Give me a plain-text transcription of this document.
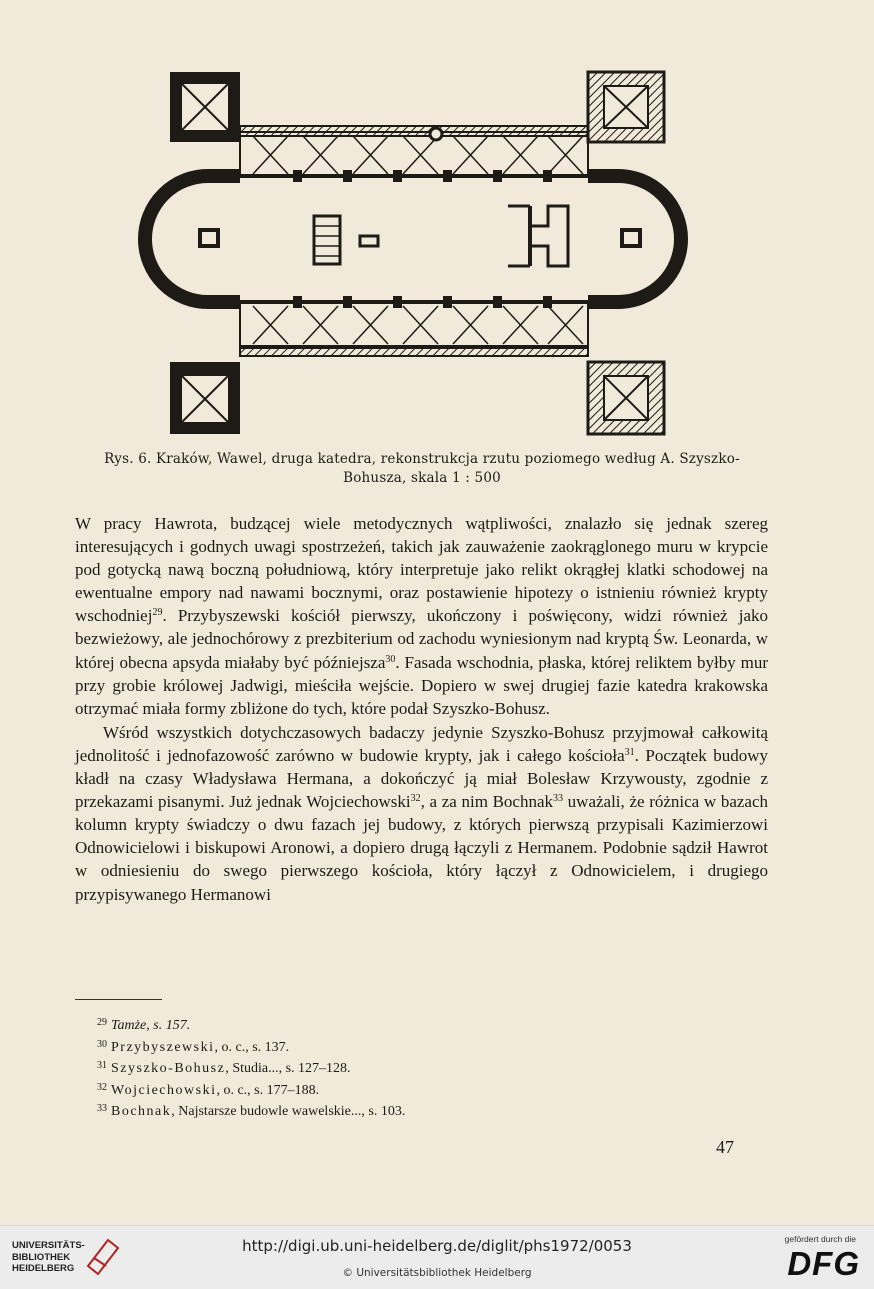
Rys. 6. Kraków, Wawel, druga katedra, rekonstrukcja rzutu poziomego według A. Szyszko-
Bohusza, skala 1 : 500

W pracy Hawrota, budzącej wiele metodycznych wątpliwości, znalazło się jednak szereg interesujących i godnych uwagi spostrzeżeń, takich jak zauważenie zaokrąglonego muru w krypcie pod gotycką nawą boczną południową, który interpretuje jako relikt okrągłej klatki schodowej na ewentualne empory nad nawami bocznymi, oraz postawienie hipotezy o istnieniu również krypty wschodniej$^{29}$. Przybyszewski kościół pierwszy, ukończony i poświęcony, widzi również jako bezwieżowy, ale jednochórowy z prezbiterium od zachodu wyniesionym nad kryptą Św. Leonarda, w której obecna apsyda miałaby być późniejsza$^{30}$. Fasada wschodnia, płaska, której reliktem byłby mur przy grobie królowej Jadwigi, mieściła wejście. Dopiero w swej drugiej fazie katedra krakowska otrzymać miała formy zbliżone do tych, które podał Szyszko-Bohusz.

Wśród wszystkich dotychczasowych badaczy jedynie Szyszko-Bohusz przyjmował całkowitą jednolitość i jednofazowość zarówno w budowie krypty, jak i całego kościoła$^{31}$. Początek budowy kładł na czasy Władysława Hermana, a dokończyć ją miał Bolesław Krzywousty, zgodnie z przekazami pisanymi. Już jednak Wojciechowski$^{32}$, a za nim Bochnak$^{33}$ uważali, że różnica w bazach kolumn krypty świadczy o dwu fazach jej budowy, z których pierwszą przypisali Kazimierzowi Odnowicielowi i biskupowi Aronowi, a dopiero drugą łączyli z Hermanem. Podobnie sądził Hawrot w odniesieniu do swego pierwszego kościoła, który łączył z Odnowicielem, i drugiego przypisywanego Hermanowi

$^{29}$ Tamże, s. 157.
$^{30}$ Przybyszewski, o. c., s. 137.
$^{31}$ Szyszko-Bohusz, Studia..., s. 127–128.
$^{32}$ Wojciechowski, o. c., s. 177–188.
$^{33}$ Bochnak, Najstarsze budowle wawelskie..., s. 103.
47
UNIVERSITÄTS-
BIBLIOTHEK
HEIDELBERG
http://digi.ub.uni-heidelberg.de/diglit/phs1972/0053
© Universitätsbibliothek Heidelberg
gefördert durch die
DFG
